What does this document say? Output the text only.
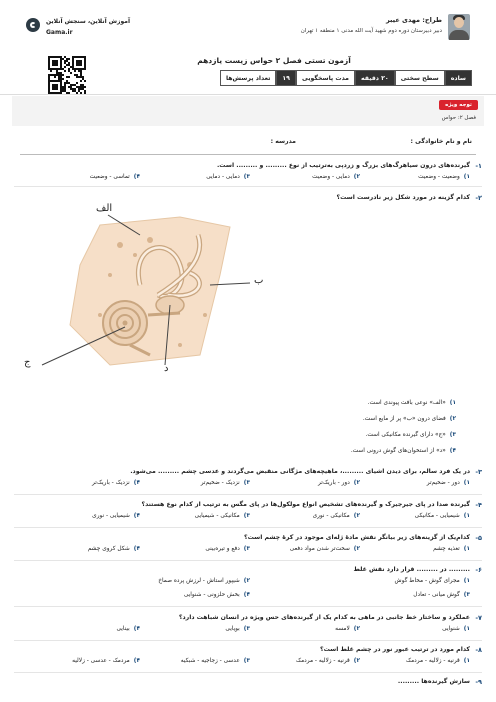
طراح: مهدی عیبر
دبیر دبیرستان دوره دوم شهید آیت الله مدنی ۱ منطقه ۱ تهران
آموزش آنلاین، سنجش آنلاین
Gama.ir
آزمون تستی فصل ۲ حواس زیست یازدهم
تعداد پرسش‌ها	۱۹	مدت پاسخگویی	۲۰ دقیقه	سطح سختی	ساده
توجه ویژه
فصل ۲: حواس
نام و نام خانوادگی :
مدرسه :
۱-
گیرنده‌های درون سیاهرگ‌های بزرگ و زردپی به‌ترتیب از نوع ......... و ......... است.
۱)وضعیت - وضعیت
۲)دمایی - وضعیت
۳)دمایی - دمایی
۴)تماسی - وضعیت
۲-
کدام گزینه در مورد شکل زیر نادرست است؟
۱)«الف» نوعی بافت پیوندی است.
۲)فضای درون «ب» پر از مایع است.
۳)«ج» دارای گیرنده‌ مکانیکی است.
۴)«د» از استخوان‌های گوش درونی است.
الف
ب
ج
د
۳-
در یک فرد سالم، برای دیدن اشیای .........، ماهیچه‌های مژگانی منقبض می‌گردند و عدسی چشم ......... می‌شود.
۱)دور - ضخیم‌تر
۲)دور - باریک‌تر
۳)نزدیک - ضخیم‌تر
۴)نزدیک - باریک‌تر
۴-
گیرنده صدا در پای جیرجیرک و گیرنده‌های تشخیص انواع مولکول‌ها در پای مگس به ترتیب از کدام نوع هستند؟
۱)شیمیایی - مکانیکی
۲)مکانیکی - نوری
۳)مکانیکی - شیمیایی
۴)شیمیایی - نوری
۵-
کدام‌یک از گزینه‌های زیر بیانگر نقش مادهٔ ژله‌ای موجود در کرهٔ چشم است؟
۱)تغذیه چشم
۲)سخت‌تر شدن مواد دفعی
۳)دفع و تیره‌بینی
۴)شکل کروی چشم
۶-
......... در ......... قرار دارد نقش غلط
۱)مجرای گوش - مخاط گوش
۲)شیپور استاش - لرزش پرده صماخ
۳)گوش میانی - تعادل
۴)بخش حلزونی - شنوایی
۷-
عملکرد و ساختار خط جانبی در ماهی به کدام یک از گیرنده‌های حس ویژه در انسان شباهت دارد؟
۱)شنوایی
۲)لامسه
۳)بویایی
۴)بینایی
۸-
کدام مورد در ترتیب عبور نور در چشم غلط است؟
۱)قرنیه - زلالیه - مردمک
۲)قرنیه - زلالیه - مردمک
۳)عدسی - زجاجیه - شبکیه
۴)مردمک - عدسی - زلالیه
۹-
سازش گیرنده‌ها .........
